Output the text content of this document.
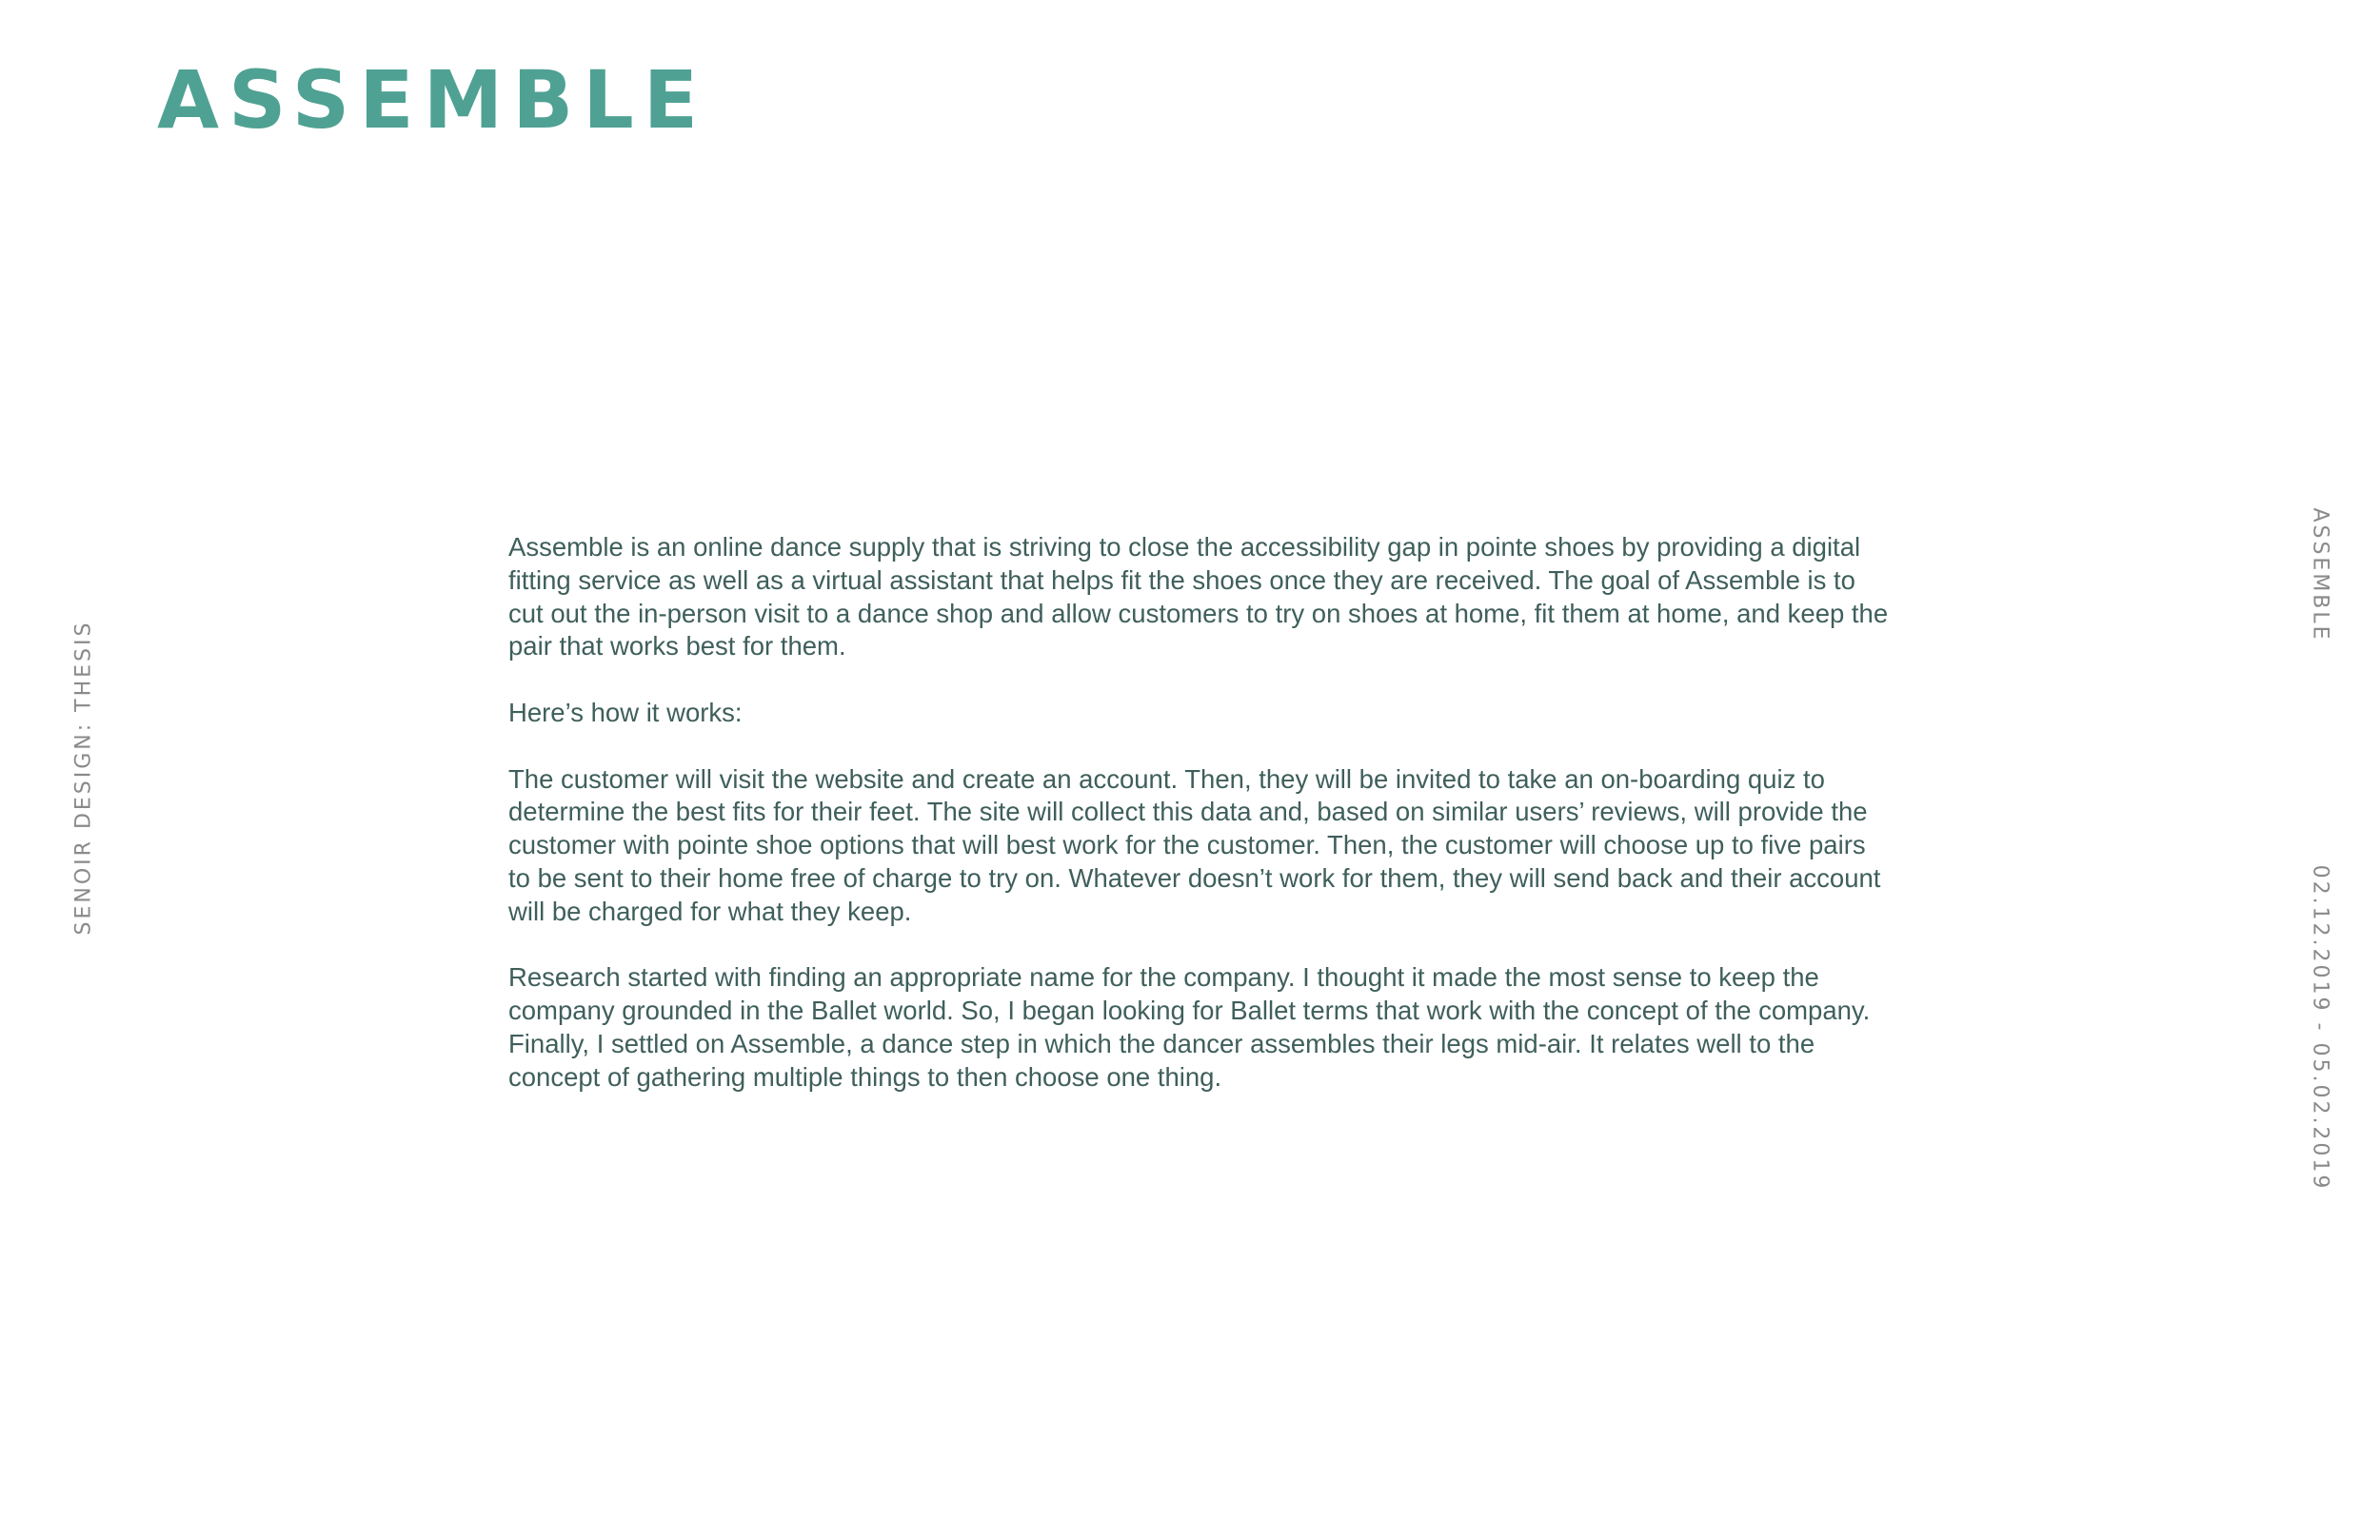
ASSEMBLE
SENOIR DESIGN: THESIS
ASSEMBLE
02.12.2019 - 05.02.2019

Assemble is an online dance supply that is striving to close the accessibility gap in pointe shoes by providing a digital fitting service as well as a virtual assistant that helps fit the shoes once they are received. The goal of Assemble is to cut out the in-person visit to a dance shop and allow customers to try on shoes at home, fit them at home, and keep the pair that works best for them.

Here’s how it works:

The customer will visit the website and create an account. Then, they will be invited to take an on-boarding quiz to determine the best fits for their feet. The site will collect this data and, based on similar users’ reviews, will provide the customer with pointe shoe options that will best work for the customer. Then, the customer will choose up to five pairs to be sent to their home free of charge to try on. Whatever doesn’t work for them, they will send back and their account will be charged for what they keep.

Research started with finding an appropriate name for the company. I thought it made the most sense to keep the company grounded in the Ballet world. So, I began looking for Ballet terms that work with the concept of the company. Finally, I settled on Assemble, a dance step in which the dancer assembles their legs mid-air. It relates well to the concept of gathering multiple things to then choose one thing.
